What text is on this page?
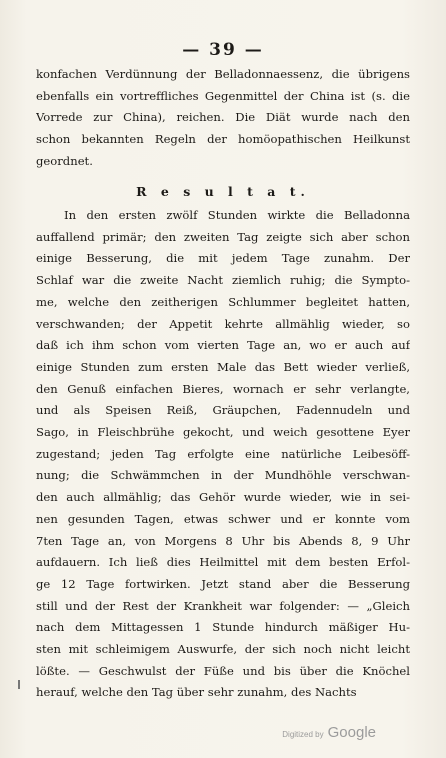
— 39 —
konfachen Verdünnung der Belladonnaessenz, die übrigens
ebenfalls ein vortreffliches Gegenmittel der China ist (s. die
Vorrede zur China), reichen. Die Diät wurde nach den
schon bekannten Regeln der homöopathischen Heilkunst
geordnet.
R e s u l t a t.
In den ersten zwölf Stunden wirkte die Belladonna
auffallend primär; den zweiten Tag zeigte sich aber schon
einige Besserung, die mit jedem Tage zunahm. Der
Schlaf war die zweite Nacht ziemlich ruhig; die Sympto-
me, welche den zeitherigen Schlummer begleitet hatten,
verschwanden; der Appetit kehrte allmählig wieder, so
daß ich ihm schon vom vierten Tage an, wo er auch auf
einige Stunden zum ersten Male das Bett wieder verließ,
den Genuß einfachen Bieres, wornach er sehr verlangte,
und als Speisen Reiß, Gräupchen, Fadennudeln und
Sago, in Fleischbrühe gekocht, und weich gesottene Eyer
zugestand; jeden Tag erfolgte eine natürliche Leibesöff-
nung; die Schwämmchen in der Mundhöhle verschwan-
den auch allmählig; das Gehör wurde wieder, wie in sei-
nen gesunden Tagen, etwas schwer und er konnte vom
7ten Tage an, von Morgens 8 Uhr bis Abends 8, 9 Uhr
aufdauern. Ich ließ dies Heilmittel mit dem besten Erfol-
ge 12 Tage fortwirken. Jetzt stand aber die Besserung
still und der Rest der Krankheit war folgender: — „Gleich
nach dem Mittagessen 1 Stunde hindurch mäßiger Hu-
sten mit schleimigem Auswurfe, der sich noch nicht leicht
lößte. — Geschwulst der Füße und bis über die Knöchel
herauf, welche den Tag über sehr zunahm, des Nachts
Digitized by Google
